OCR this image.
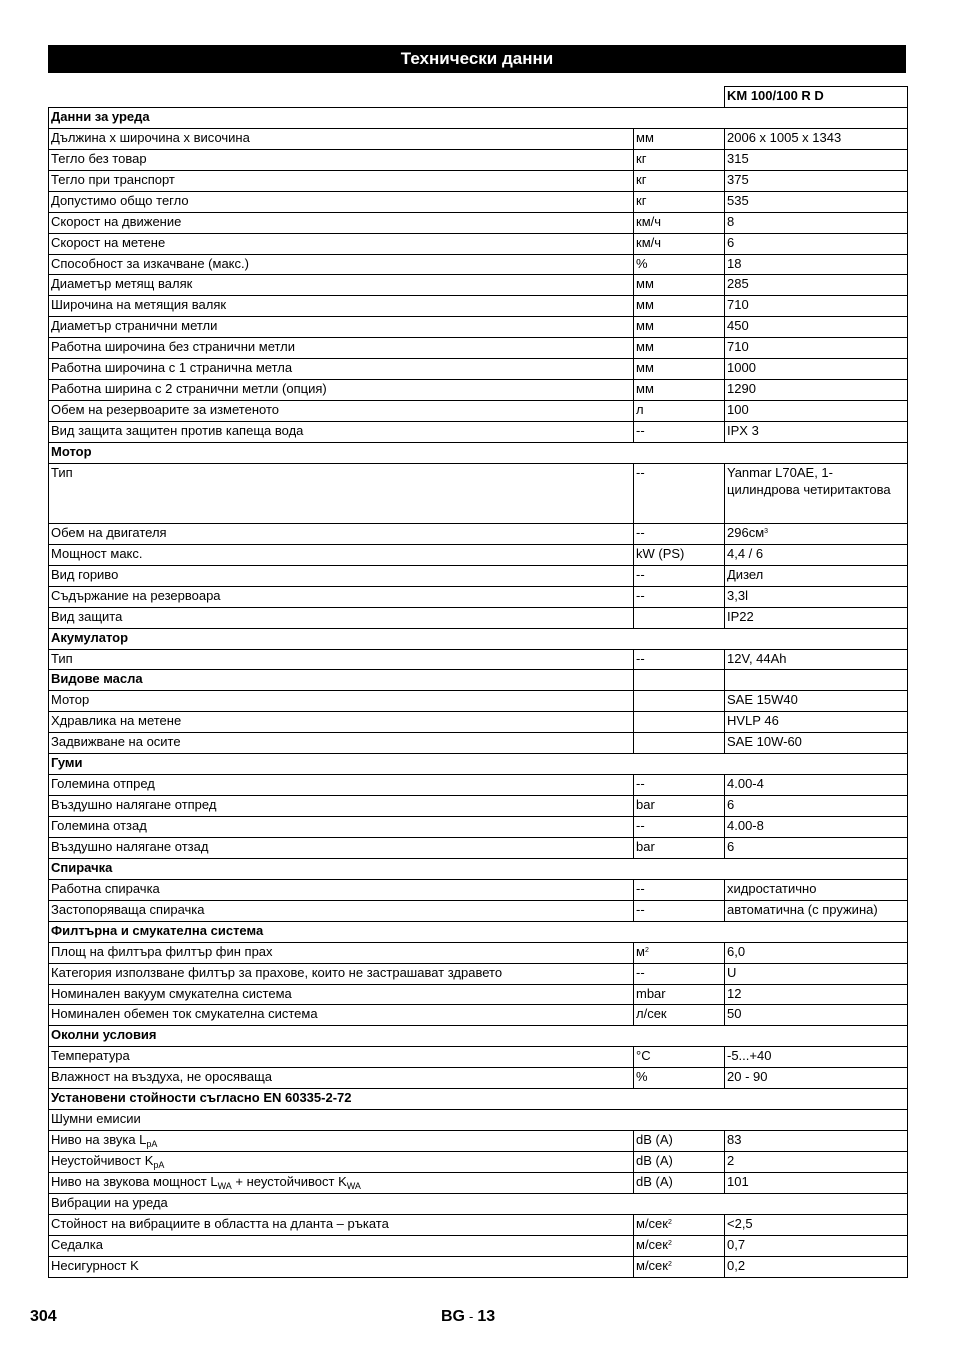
Технически данни
		KM 100/100 R D
Данни за уреда		
Дължина x широчина x височина	мм	2006 x 1005 x 1343
Тегло без товар	кг	315
Тегло при транспорт	кг	375
Допустимо общо тегло	кг	535
Скорост на движение	км/ч	8
Скорост на метене	км/ч	6
Способност за изкачване (макс.)	%	18
Диаметър метящ валяк	мм	285
Широчина на метящия валяк	мм	710
Диаметър странични метли	мм	450
Работна широчина без странични метли	мм	710
Работна широчина с 1 странична метла	мм	1000
Работна ширина с 2 странични метли (опция)	мм	1290
Обем на резервоарите за изметеното	л	100
Вид защита защитен против капеща вода	--	IPX 3
Мотор		
Тип	--	Yanmar L70AE, 1-цилиндрова четиритактова
Обем на двигателя	--	$296см^3$
Мощност макс.	kW (PS)	4,4 / 6
Вид гориво	--	Дизел
Съдържание на резервоара	--	3,3l
Вид защита		IP22
Акумулатор		
Тип	--	12V, 44Ah
Видове масла		
Мотор		SAE 15W40
Хдравлика на метене		HVLP 46
Задвижване на осите		SAE 10W-60
Гуми		
Големина отпред	--	4.00-4
Въздушно налягане отпред	bar	6
Големина отзад	--	4.00-8
Въздушно налягане отзад	bar	6
Спирачка		
Работна спирачка	--	хидростатично
Застопоряваща спирачка	--	автоматична (с пружина)
Филтърна и смукателна система		
Площ на филтъра филтър фин прах	$м^2$	6,0
Категория използване филтър за прахове, които не застрашават здравето	--	U
Номинален вакуум смукателна система	mbar	12
Номинален обемен ток смукателна система	л/сек	50
Околни условия		
Температура	°C	-5...+40
Влажност на въздуха, не оросяваща	%	20 - 90
Установени стойности съгласно EN 60335-2-72		
Шумни емисии		
Ниво на звука $L_{pA}$	dB (A)	83
Неустойчивост $K_{pA}$	dB (A)	2
Ниво на звукова мощност $L_{WA}$ + неустойчивост $K_{WA}$	dB (A)	101
Вибрации на уреда		
Стойност на вибрациите в областта на дланта – ръката	м/сек$^2$	<2,5
Седалка	м/сек$^2$	0,7
Несигурност K	м/сек$^2$	0,2
304	BG - 13
